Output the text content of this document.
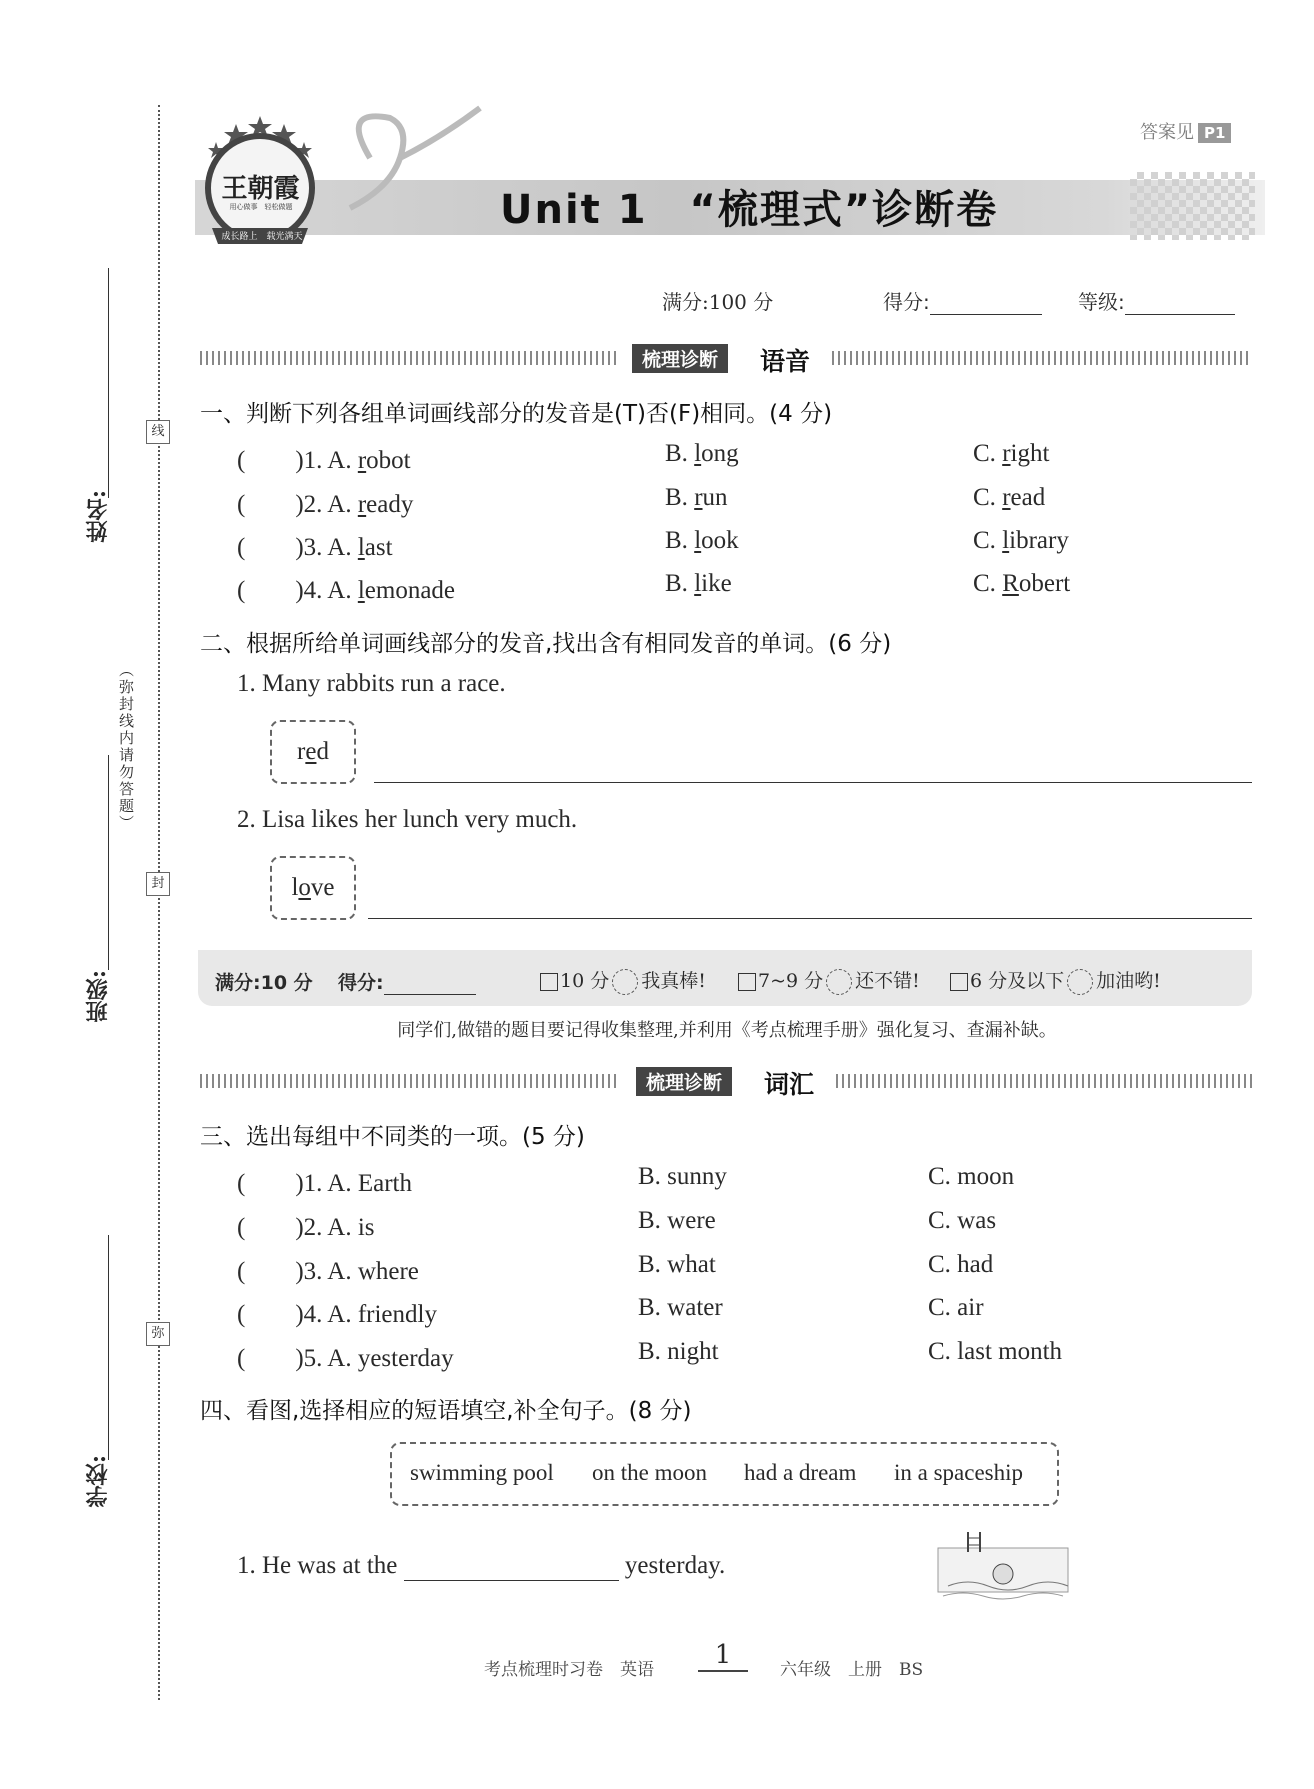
线
封
弥
姓名:
（弥封线内请勿答题）
班级:
学校:
王朝霞
用心做事　轻松做题
成长路上　载光满天
答案见 P1
Unit 1　“梳理式”诊断卷
满分:100 分	得分:	等级:
梳理诊断	语音
一、判断下列各组单词画线部分的发音是(T)否(F)相同。(4 分)
(　　)1. A. robot	B. long	C. right
(　　)2. A. ready	B. run	C. read
(　　)3. A. last	B. look	C. library
(　　)4. A. lemonade	B. like	C. Robert
二、根据所给单词画线部分的发音,找出含有相同发音的单词。(6 分)
1. Many rabbits run a race.
red
2. Lisa likes her lunch very much.
love
满分:10 分 得分:	10 分 我真棒!	7~9 分 还不错!	6 分及以下 加油哟!
同学们,做错的题目要记得收集整理,并利用《考点梳理手册》强化复习、查漏补缺。
梳理诊断	词汇
三、选出每组中不同类的一项。(5 分)
(　　)1. A. Earth	B. sunny	C. moon
(　　)2. A. is	B. were	C. was
(　　)3. A. where	B. what	C. had
(　　)4. A. friendly	B. water	C. air
(　　)5. A. yesterday	B. night	C. last month
四、看图,选择相应的短语填空,补全句子。(8 分)
swimming pool on the moon had a dream in a spaceship
1. He was at the	yesterday.
考点梳理时习卷　英语	1	六年级　上册　BS
